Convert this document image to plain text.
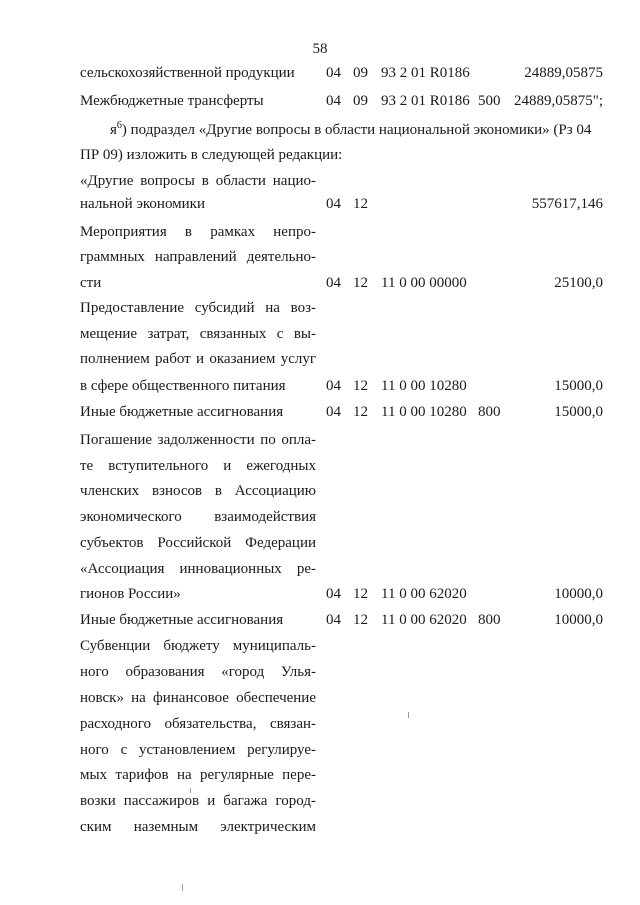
58
сельскохозяйственной продукции	04 09 93 2 01 R0186	24889,05875
Межбюджетные трансферты	04 09 93 2 01 R0186 500 24889,05875";
$я^6$) подраздел «Другие вопросы в области национальной экономики» (Рз 04
ПР 09) изложить в следующей редакции:
«Другие вопросы в области нацио-
нальной экономики	04 12	557617,146
Мероприятия в рамках непро-
граммных направлений деятельно-
сти	04 12 11 0 00 00000	25100,0
Предоставление субсидий на воз-
мещение затрат, связанных с вы-
полнением работ и оказанием услуг
в сфере общественного питания	04 12 11 0 00 10280	15000,0
Иные бюджетные ассигнования	04 12 11 0 00 10280 800	15000,0
Погашение задолженности по опла-
те вступительного и ежегодных
членских взносов в Ассоциацию
экономического взаимодействия
субъектов Российской Федерации
«Ассоциация инновационных ре-
гионов России»	04 12 11 0 00 62020	10000,0
Иные бюджетные ассигнования	04 12 11 0 00 62020 800	10000,0
Субвенции бюджету муниципаль-
ного образования «город Улья-
новск» на финансовое обеспечение
расходного обязательства, связан-
ного с установлением регулируе-
мых тарифов на регулярные пере-
возки пассажиров и багажа город-
ским наземным электрическим
